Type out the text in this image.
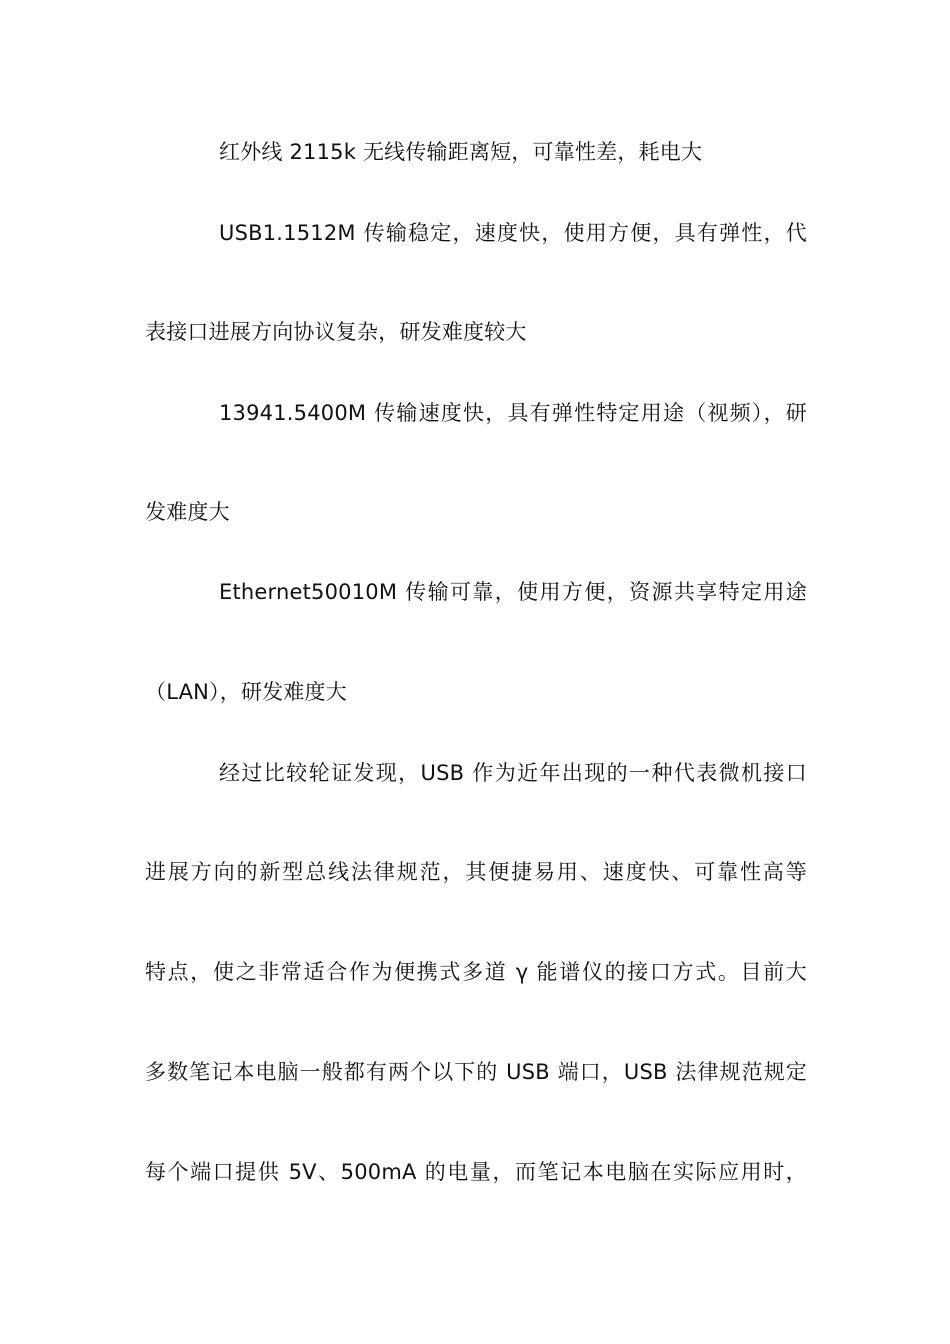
红外线 2115k 无线传输距离短，可靠性差，耗电大
USB1.1512M 传输稳定，速度快，使用方便，具有弹性，代
表接口进展方向协议复杂，研发难度较大
13941.5400M 传输速度快，具有弹性特定用途（视频），研
发难度大
Ethernet50010M 传输可靠，使用方便，资源共享特定用途
（LAN），研发难度大
经过比较轮证发现，USB 作为近年出现的一种代表微机接口
进展方向的新型总线法律规范，其便捷易用、速度快、可靠性高等
特点，使之非常适合作为便携式多道 γ 能谱仪的接口方式。目前大
多数笔记本电脑一般都有两个以下的 USB 端口，USB 法律规范规定
每个端口提供 5V、500mA 的电量，而笔记本电脑在实际应用时，
